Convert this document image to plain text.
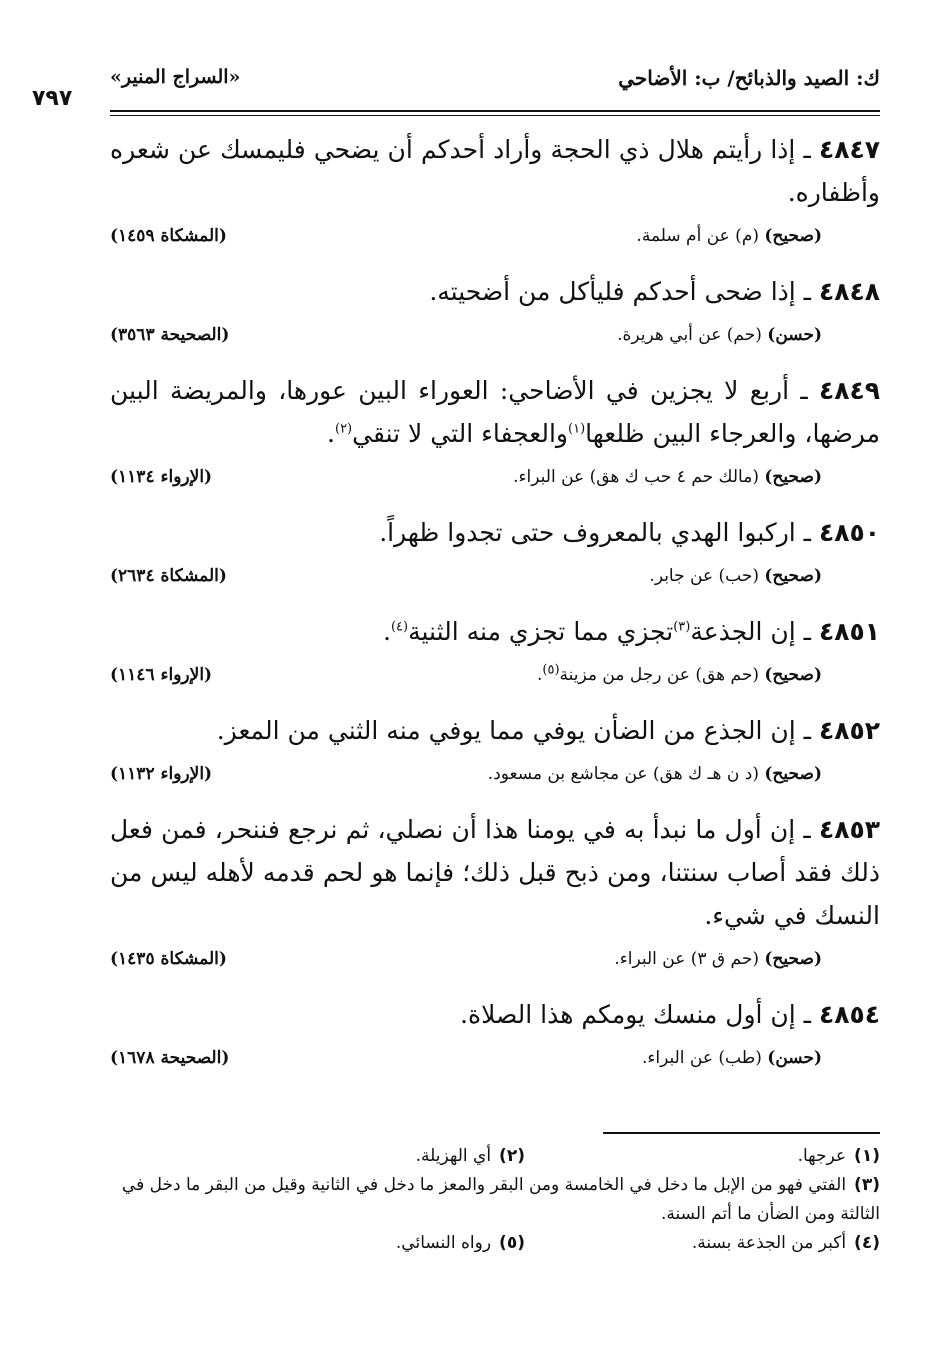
ك: الصيد والذبائح/ ب: الأضاحي
«السراج المنير»
٧٩٧

٤٨٤٧ ـ إذا رأيتم هلال ذي الحجة وأراد أحدكم أن يضحي فليمسك عن شعره وأظفاره.

(صحيح) (م) عن أم سلمة.
(المشكاة ١٤٥٩)

٤٨٤٨ ـ إذا ضحى أحدكم فليأكل من أضحيته.

(حسن) (حم) عن أبي هريرة.
(الصحيحة ٣٥٦٣)

٤٨٤٩ ـ أربع لا يجزين في الأضاحي: العوراء البين عورها، والمريضة البين مرضها، والعرجاء البين ظلعها$^{(١)}$والعجفاء التي لا تنقي$^{(٢)}$.

(صحيح) (مالك حم ٤ حب ك هق) عن البراء.
(الإرواء ١١٣٤)

٤٨٥٠ ـ اركبوا الهدي بالمعروف حتى تجدوا ظهراً.

(صحيح) (حب) عن جابر.
(المشكاة ٢٦٣٤)

٤٨٥١ ـ إن الجذعة$^{(٣)}$تجزي مما تجزي منه الثنية$^{(٤)}$.

(صحيح) (حم هق) عن رجل من مزينة$^{(٥)}$.
(الإرواء ١١٤٦)

٤٨٥٢ ـ إن الجذع من الضأن يوفي مما يوفي منه الثني من المعز.

(صحيح) (د ن هـ ك هق) عن مجاشع بن مسعود.
(الإرواء ١١٣٢)

٤٨٥٣ ـ إن أول ما نبدأ به في يومنا هذا أن نصلي، ثم نرجع فننحر، فمن فعل ذلك فقد أصاب سنتنا، ومن ذبح قبل ذلك؛ فإنما هو لحم قدمه لأهله ليس من النسك في شيء.

(صحيح) (حم ق ٣) عن البراء.
(المشكاة ١٤٣٥)

٤٨٥٤ ـ إن أول منسك يومكم هذا الصلاة.

(حسن) (طب) عن البراء.
(الصحيحة ١٦٧٨)
(١)عرجها.
(٢)أي الهزيلة.

(٣)الفتي فهو من الإبل ما دخل في الخامسة ومن البقر والمعز ما دخل في الثانية وقيل من البقر ما دخل في الثالثة ومن الضأن ما أتم السنة.

(٤)أكبر من الجذعة بسنة.
(٥)رواه النسائي.
